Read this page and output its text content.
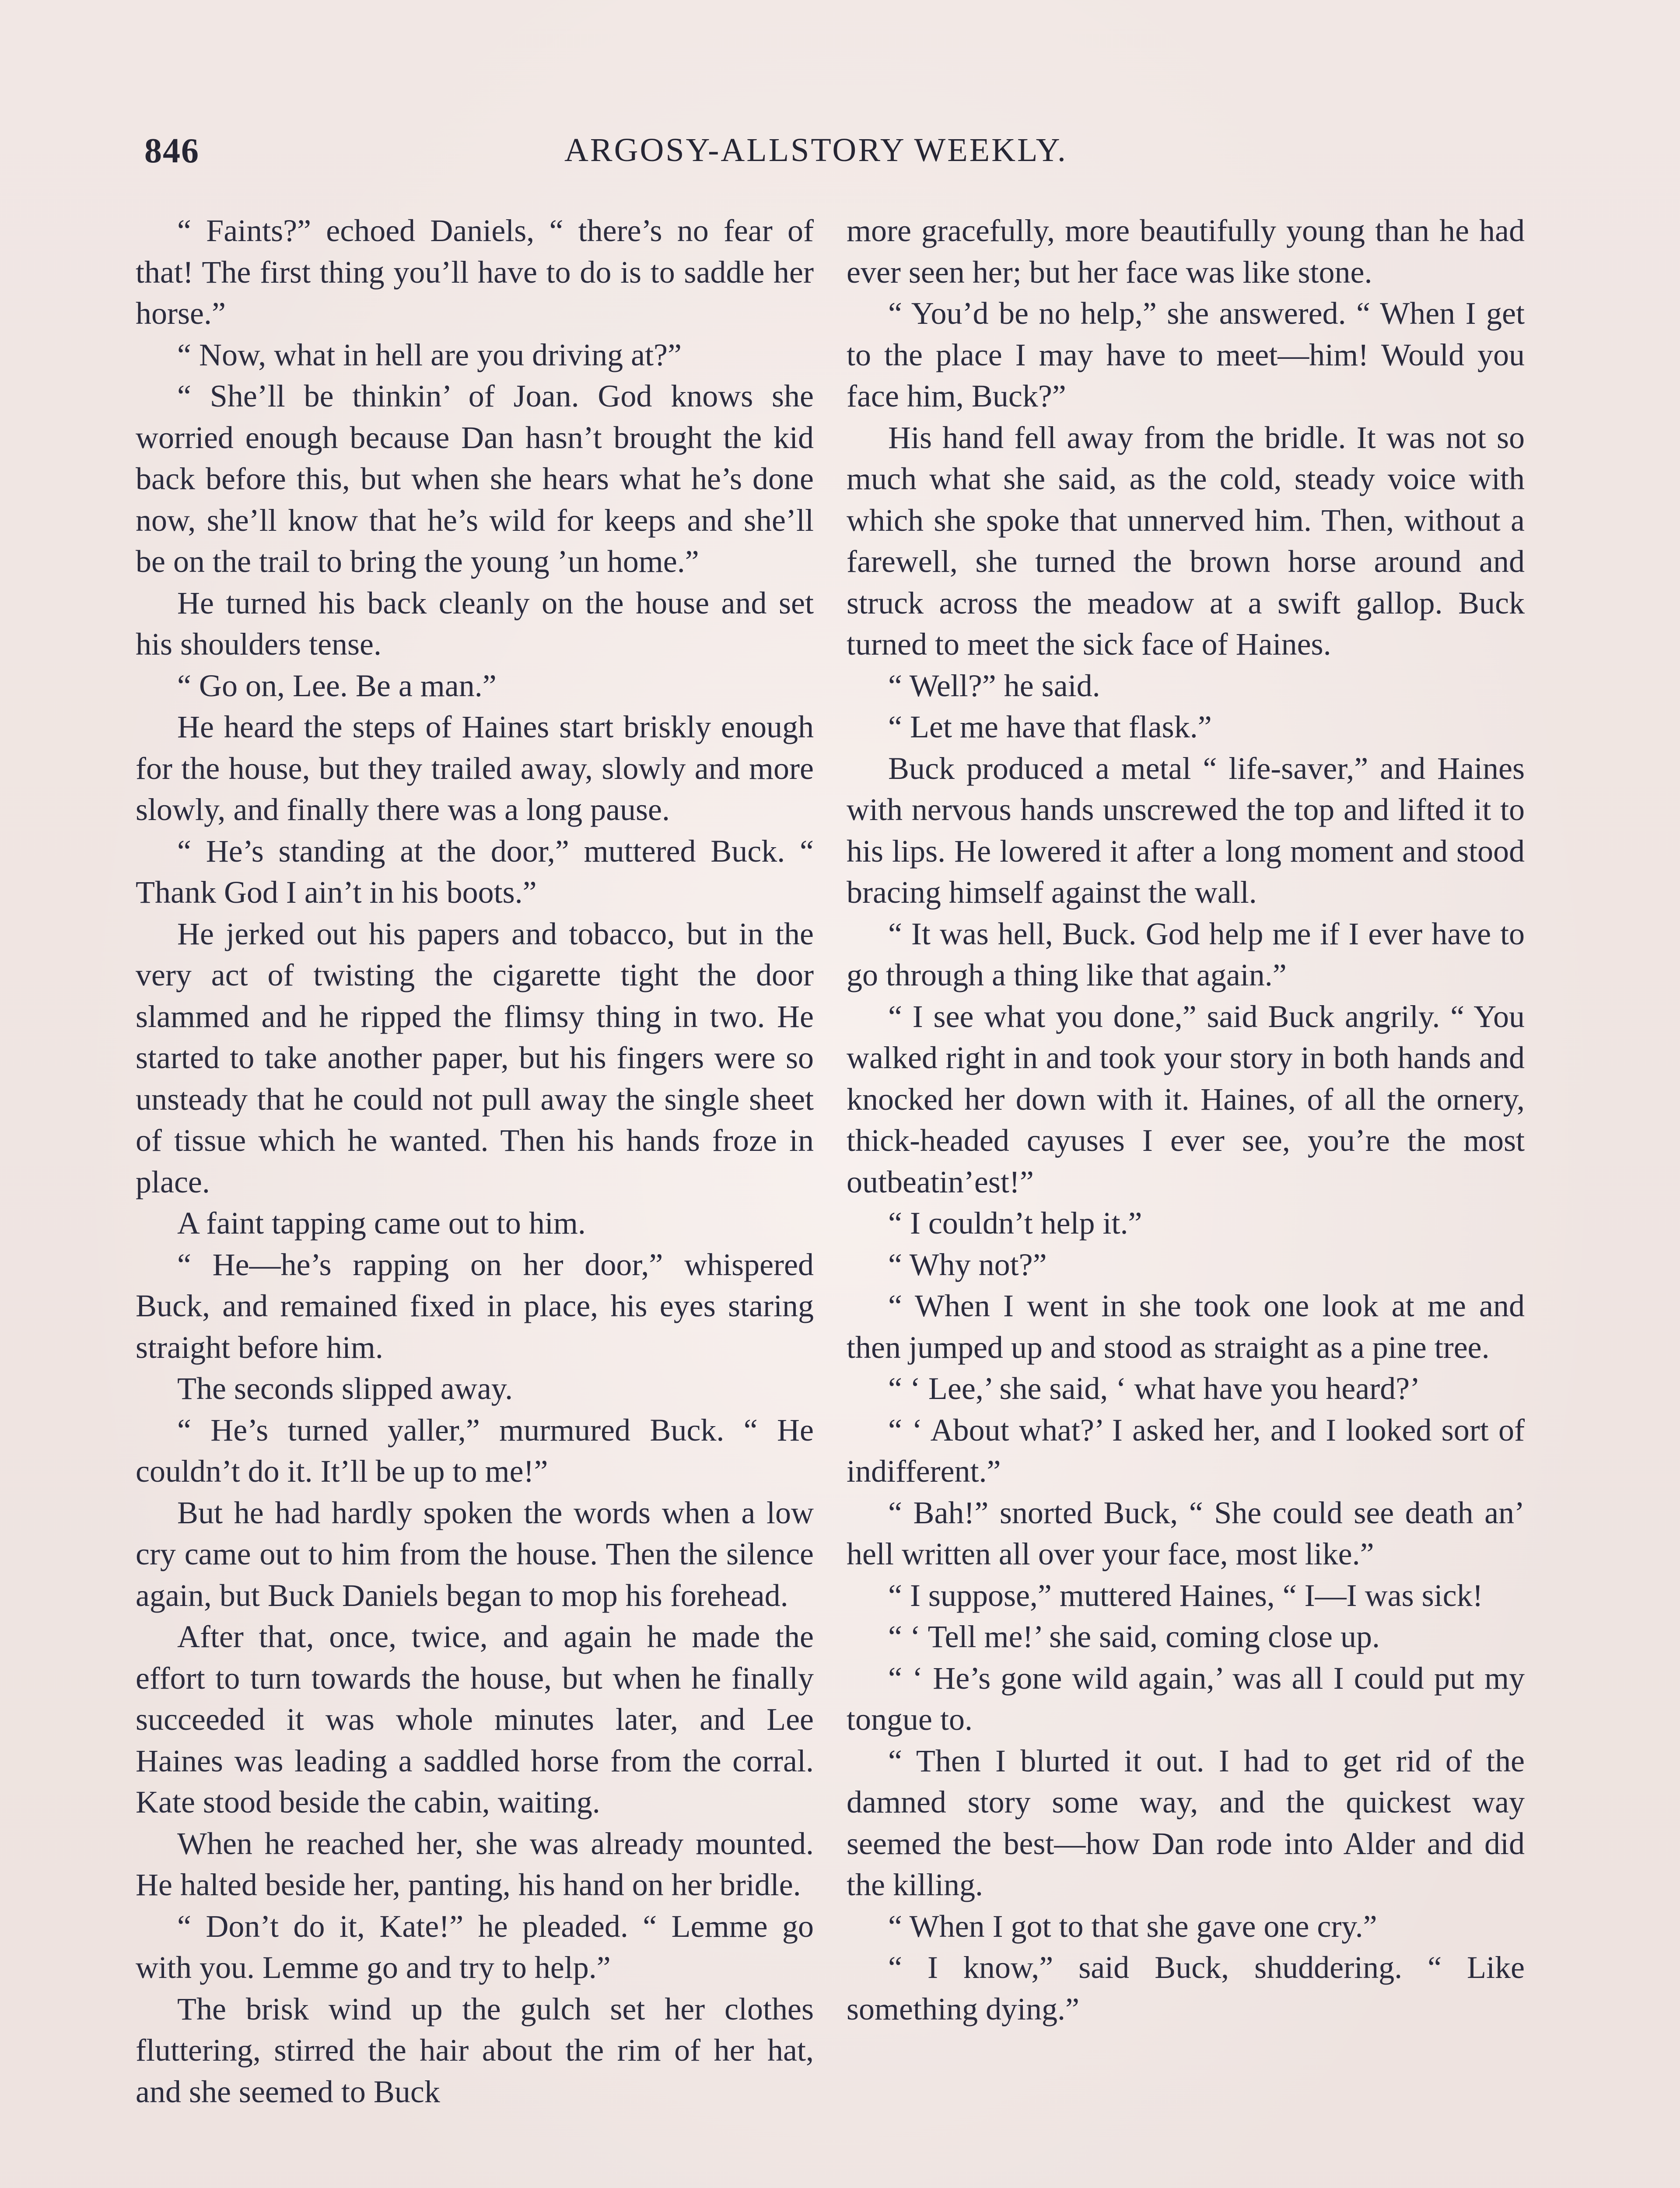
846	ARGOSY-ALLSTORY WEEKLY.

“ Faints?” echoed Daniels, “ there’s no fear of that! The first thing you’ll have to do is to saddle her horse.”

“ Now, what in hell are you driving at?”

“ She’ll be thinkin’ of Joan. God knows she worried enough because Dan hasn’t brought the kid back before this, but when she hears what he’s done now, she’ll know that he’s wild for keeps and she’ll be on the trail to bring the young ’un home.”

He turned his back cleanly on the house and set his shoulders tense.

“ Go on, Lee. Be a man.”

He heard the steps of Haines start briskly enough for the house, but they trailed away, slowly and more slowly, and finally there was a long pause.

“ He’s standing at the door,” muttered Buck. “ Thank God I ain’t in his boots.”

He jerked out his papers and tobacco, but in the very act of twisting the cigarette tight the door slammed and he ripped the flimsy thing in two. He started to take another paper, but his fingers were so unsteady that he could not pull away the single sheet of tissue which he wanted. Then his hands froze in place.

A faint tapping came out to him.

“ He—he’s rapping on her door,” whispered Buck, and remained fixed in place, his eyes staring straight before him.

The seconds slipped away.

“ He’s turned yaller,” murmured Buck. “ He couldn’t do it. It’ll be up to me!”

But he had hardly spoken the words when a low cry came out to him from the house. Then the silence again, but Buck Daniels began to mop his forehead.

After that, once, twice, and again he made the effort to turn towards the house, but when he finally succeeded it was whole minutes later, and Lee Haines was leading a saddled horse from the corral. Kate stood beside the cabin, waiting.

When he reached her, she was already mounted. He halted beside her, panting, his hand on her bridle.

“ Don’t do it, Kate!” he pleaded. “ Lemme go with you. Lemme go and try to help.”

The brisk wind up the gulch set her clothes fluttering, stirred the hair about the rim of her hat, and she seemed to Buck

more gracefully, more beautifully young than he had ever seen her; but her face was like stone.

“ You’d be no help,” she answered. “ When I get to the place I may have to meet—him! Would you face him, Buck?”

His hand fell away from the bridle. It was not so much what she said, as the cold, steady voice with which she spoke that unnerved him. Then, without a farewell, she turned the brown horse around and struck across the meadow at a swift gallop. Buck turned to meet the sick face of Haines.

“ Well?” he said.

“ Let me have that flask.”

Buck produced a metal “ life-saver,” and Haines with nervous hands unscrewed the top and lifted it to his lips. He lowered it after a long moment and stood bracing himself against the wall.

“ It was hell, Buck. God help me if I ever have to go through a thing like that again.”

“ I see what you done,” said Buck angrily. “ You walked right in and took your story in both hands and knocked her down with it. Haines, of all the ornery, thick-headed cayuses I ever see, you’re the most outbeatin’est!”

“ I couldn’t help it.”

“ Why not?”

“ When I went in she took one look at me and then jumped up and stood as straight as a pine tree.

“ ‘ Lee,’ she said, ‘ what have you heard?’

“ ‘ About what?’ I asked her, and I looked sort of indifferent.”

“ Bah!” snorted Buck, “ She could see death an’ hell written all over your face, most like.”

“ I suppose,” muttered Haines, “ I—I was sick!

“ ‘ Tell me!’ she said, coming close up.

“ ‘ He’s gone wild again,’ was all I could put my tongue to.

“ Then I blurted it out. I had to get rid of the damned story some way, and the quickest way seemed the best—how Dan rode into Alder and did the killing.

“ When I got to that she gave one cry.”

“ I know,” said Buck, shuddering. “ Like something dying.”
